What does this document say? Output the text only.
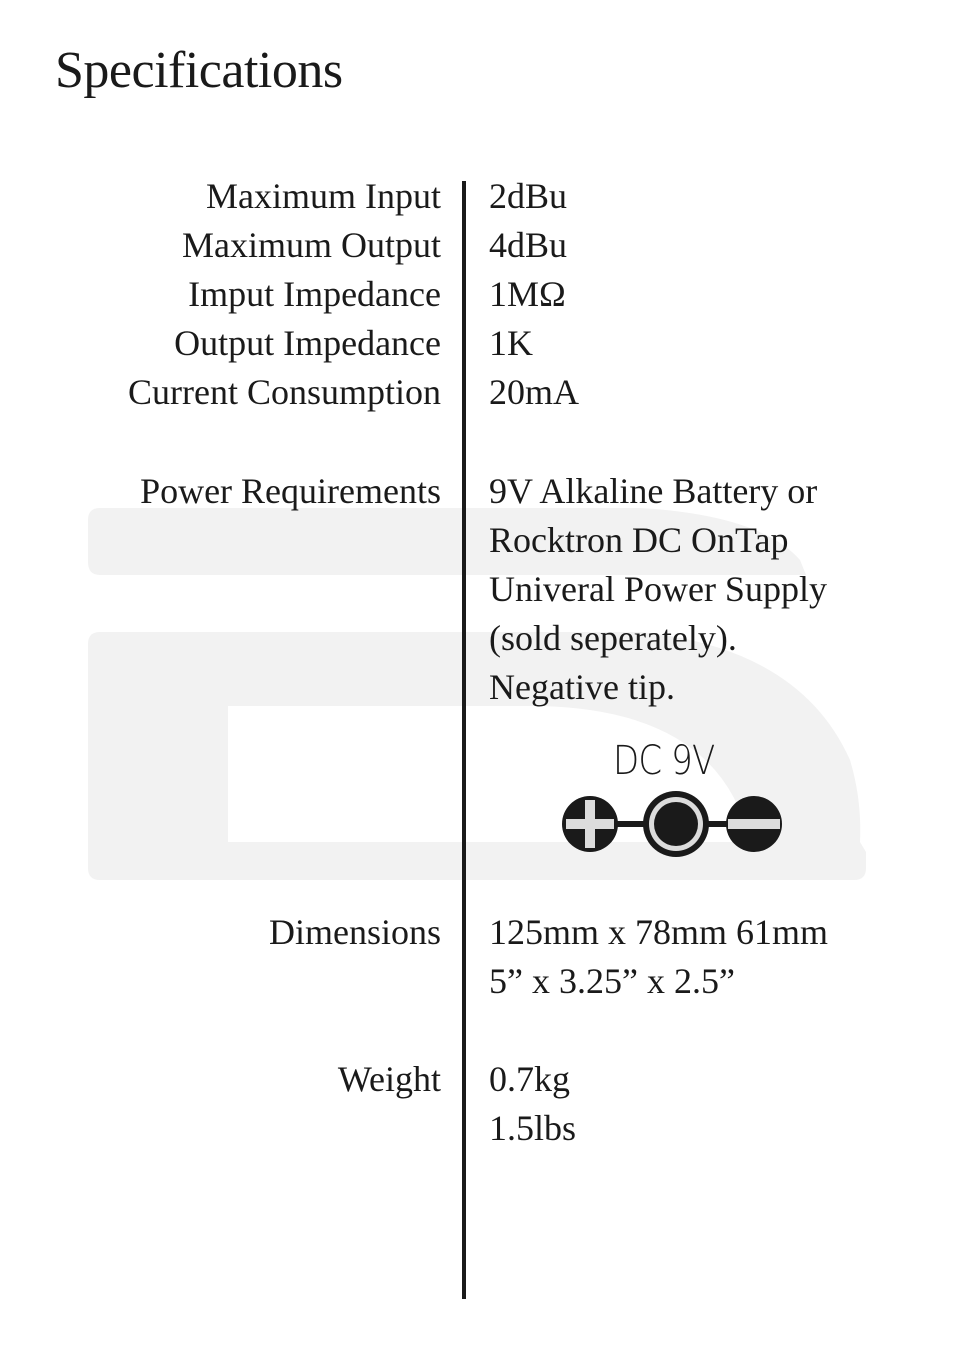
Specifications
Maximum Input 2dBu
Maximum Output 4dBu
Imput Impedance 1MΩ
Output Impedance 1K
Current Consumption 20mA
Power Requirements 9V Alkaline Battery or
Rocktron DC OnTap
Univeral Power Supply
(sold seperately).
Negative tip.
DC 9V
Dimensions 125mm x 78mm 61mm
5” x 3.25” x 2.5”
Weight 0.7kg
1.5lbs
